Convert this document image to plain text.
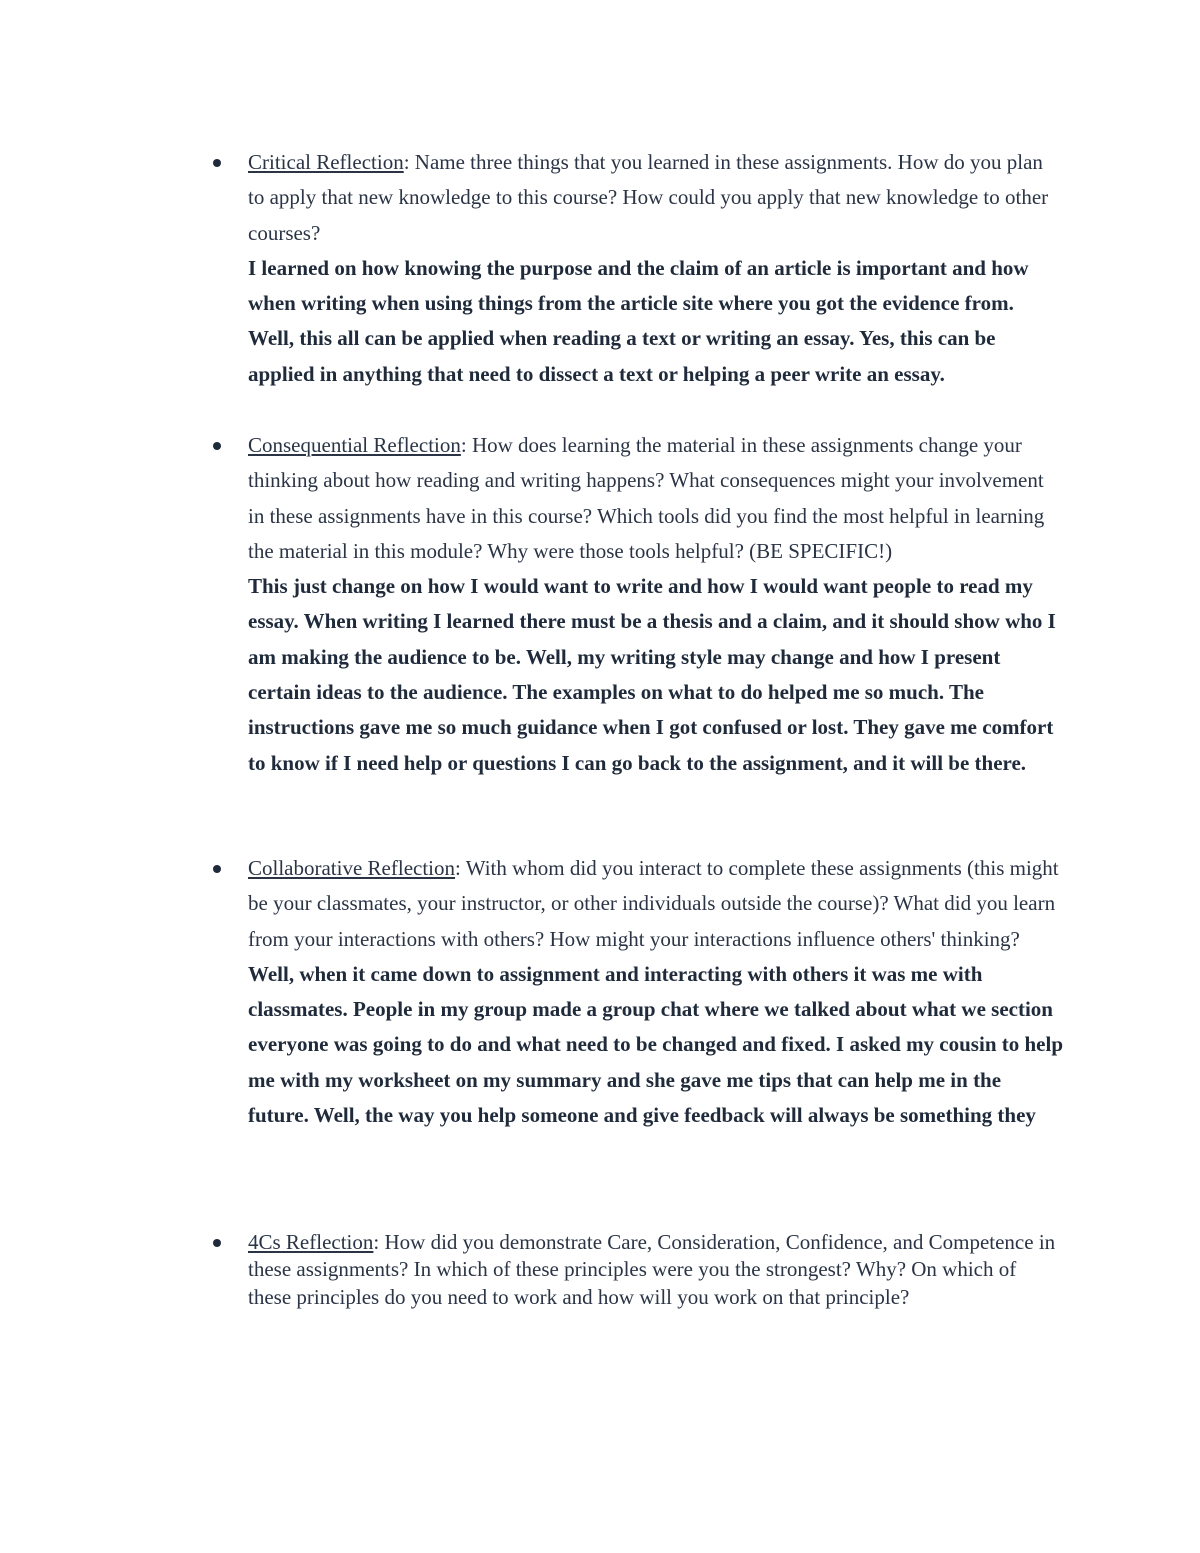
Critical Reflection: Name three things that you learned in these assignments. How do you plan to apply that new knowledge to this course? How could you apply that new knowledge to other courses?

I learned on how knowing the purpose and the claim of an article is important and how when writing when using things from the article site where you got the evidence from. Well, this all can be applied when reading a text or writing an essay. Yes, this can be applied in anything that need to dissect a text or helping a peer write an essay.

Consequential Reflection: How does learning the material in these assignments change your thinking about how reading and writing happens? What consequences might your involvement in these assignments have in this course? Which tools did you find the most helpful in learning the material in this module? Why were those tools helpful? (BE SPECIFIC!)

This just change on how I would want to write and how I would want people to read my essay. When writing I learned there must be a thesis and a claim, and it should show who I am making the audience to be. Well, my writing style may change and how I present certain ideas to the audience. The examples on what to do helped me so much. The instructions gave me so much guidance when I got confused or lost. They gave me comfort to know if I need help or questions I can go back to the assignment, and it will be there.

Collaborative Reflection: With whom did you interact to complete these assignments (this might be your classmates, your instructor, or other individuals outside the course)? What did you learn from your interactions with others? How might your interactions influence others' thinking?

Well, when it came down to assignment and interacting with others it was me with classmates. People in my group made a group chat where we talked about what we section everyone was going to do and what need to be changed and fixed. I asked my cousin to help me with my worksheet on my summary and she gave me tips that can help me in the future. Well, the way you help someone and give feedback will always be something they

4Cs Reflection: How did you demonstrate Care, Consideration, Confidence, and Competence in these assignments? In which of these principles were you the strongest? Why? On which of these principles do you need to work and how will you work on that principle?
